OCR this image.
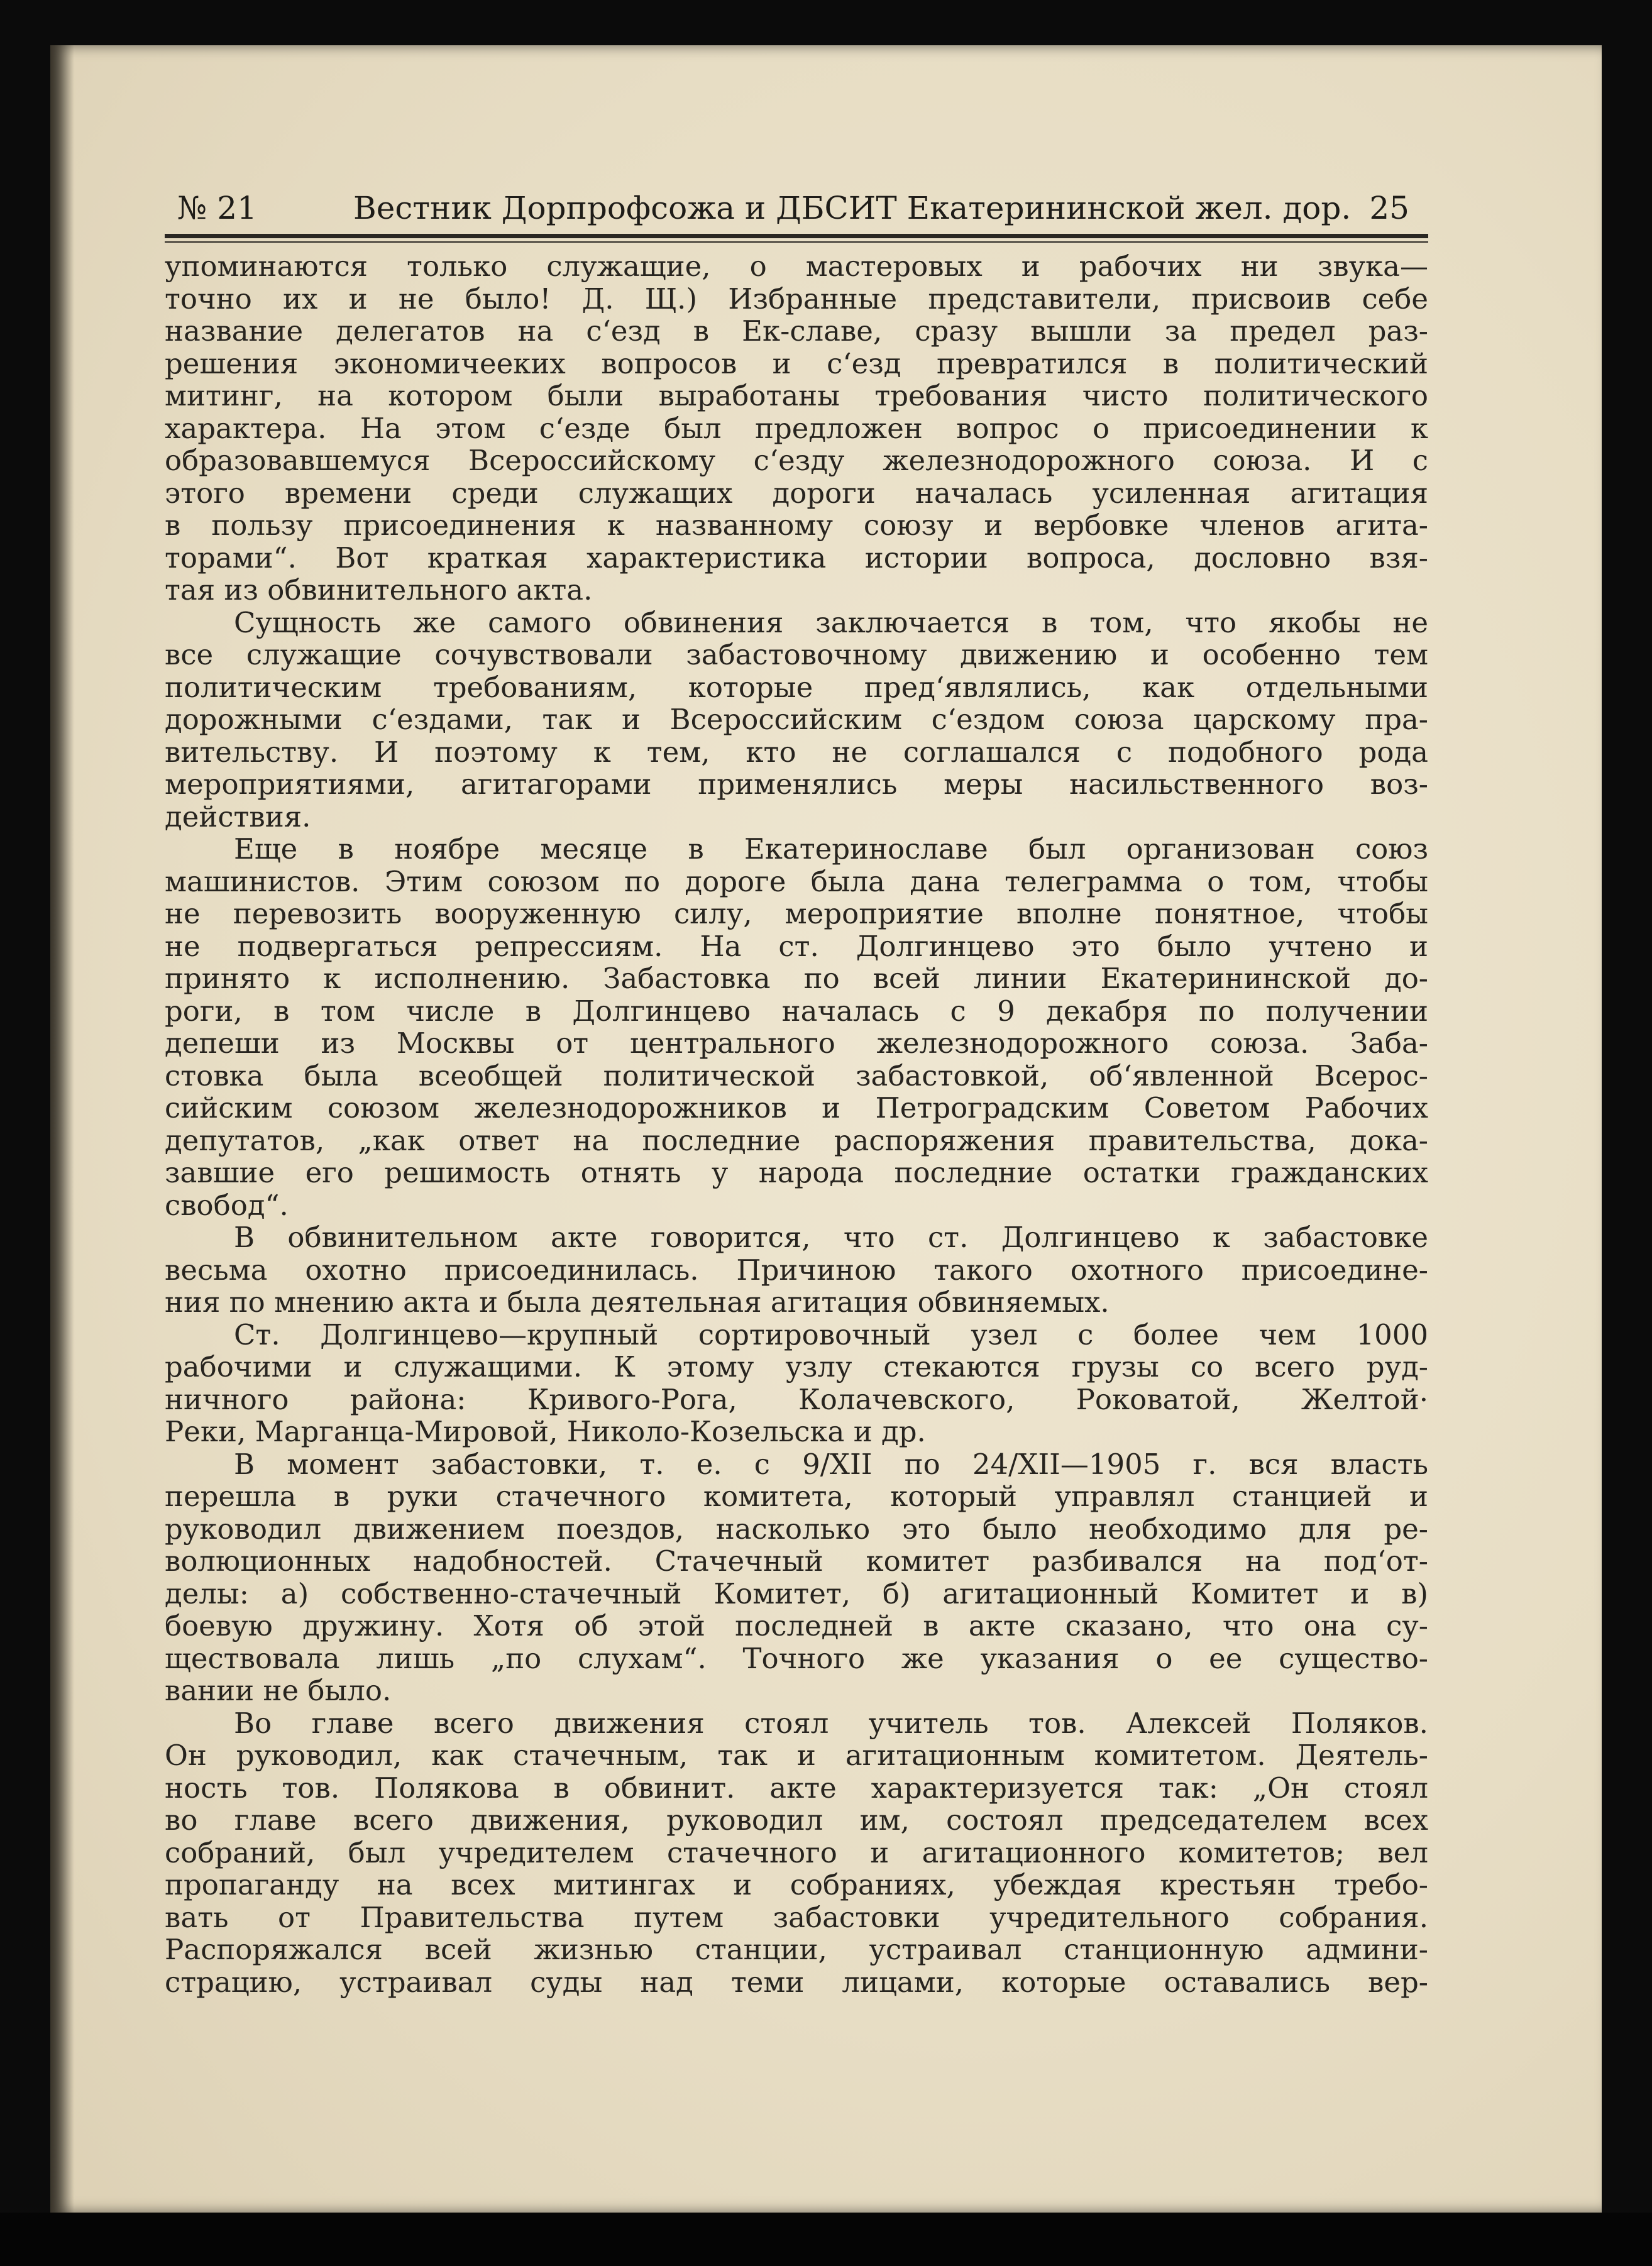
№ 21	Вестник Дорпрофсожа и ДБСИТ Екатерининской жел. дор. 25
упоминаются только служащие, о мастеровых и рабочих ни звука—
точно их и не было! Д. Щ.) Избранные представители, присвоив себе
название делегатов на с‘езд в Ек-славе, сразу вышли за предел раз-
решения экономичееких вопросов и с‘езд превратился в политический
митинг, на котором были выработаны требования чисто политического
характера. На этом с‘езде был предложен вопрос о присоединении к
образовавшемуся Всероссийскому с‘езду железнодорожного союза. И с
этого времени среди служащих дороги началась усиленная агитация
в пользу присоединения к названному союзу и вербовке членов агита-
торами“. Вот краткая характеристика истории вопроса, дословно взя-
тая из обвинительного акта.
Сущность же самого обвинения заключается в том, что якобы не
все служащие сочувствовали забастовочному движению и особенно тем
политическим требованиям, которые пред‘являлись, как отдельными
дорожными с‘ездами, так и Всероссийским с‘ездом союза царскому пра-
вительству. И поэтому к тем, кто не соглашался с подобного рода
мероприятиями, агитагорами применялись меры насильственного воз-
действия.
Еще в ноябре месяце в Екатеринославе был организован союз
машинистов. Этим союзом по дороге была дана телеграмма о том, чтобы
не перевозить вооруженную силу, мероприятие вполне понятное, чтобы
не подвергаться репрессиям. На ст. Долгинцево это было учтено и
принято к исполнению. Забастовка по всей линии Екатерининской до-
роги, в том числе в Долгинцево началась с 9 декабря по получении
депеши из Москвы от центрального железнодорожного союза. Заба-
стовка была всеобщей политической забастовкой, об‘явленной Всерос-
сийским союзом железнодорожников и Петроградским Советом Рабочих
депутатов, „как ответ на последние распоряжения правительства, дока-
завшие его решимость отнять у народа последние остатки гражданских
свобод“.
В обвинительном акте говорится, что ст. Долгинцево к забастовке
весьма охотно присоединилась. Причиною такого охотного присоедине-
ния по мнению акта и была деятельная агитация обвиняемых.
Ст. Долгинцево—крупный сортировочный узел с более чем 1000
рабочими и служащими. К этому узлу стекаются грузы со всего руд-
ничного района: Кривого-Рога, Колачевского, Роковатой, Желтой·
Реки, Марганца-Мировой, Николо-Козельска и др.
В момент забастовки, т. е. с 9/XII по 24/XII—1905 г. вся власть
перешла в руки стачечного комитета, который управлял станцией и
руководил движением поездов, насколько это было необходимо для ре-
волюционных надобностей. Стачечный комитет разбивался на под‘от-
делы: а) собственно-стачечный Комитет, б) агитационный Комитет и в)
боевую дружину. Хотя об этой последней в акте сказано, что она су-
ществовала лишь „по слухам“. Точного же указания о ее существо-
вании не было.
Во главе всего движения стоял учитель тов. Алексей Поляков.
Он руководил, как стачечным, так и агитационным комитетом. Деятель-
ность тов. Полякова в обвинит. акте характеризуется так: „Он стоял
во главе всего движения, руководил им, состоял председателем всех
собраний, был учредителем стачечного и агитационного комитетов; вел
пропаганду на всех митингах и собраниях, убеждая крестьян требо-
вать от Правительства путем забастовки учредительного собрания.
Распоряжался всей жизнью станции, устраивал станционную админи-
страцию, устраивал суды над теми лицами, которые оставались вер-
